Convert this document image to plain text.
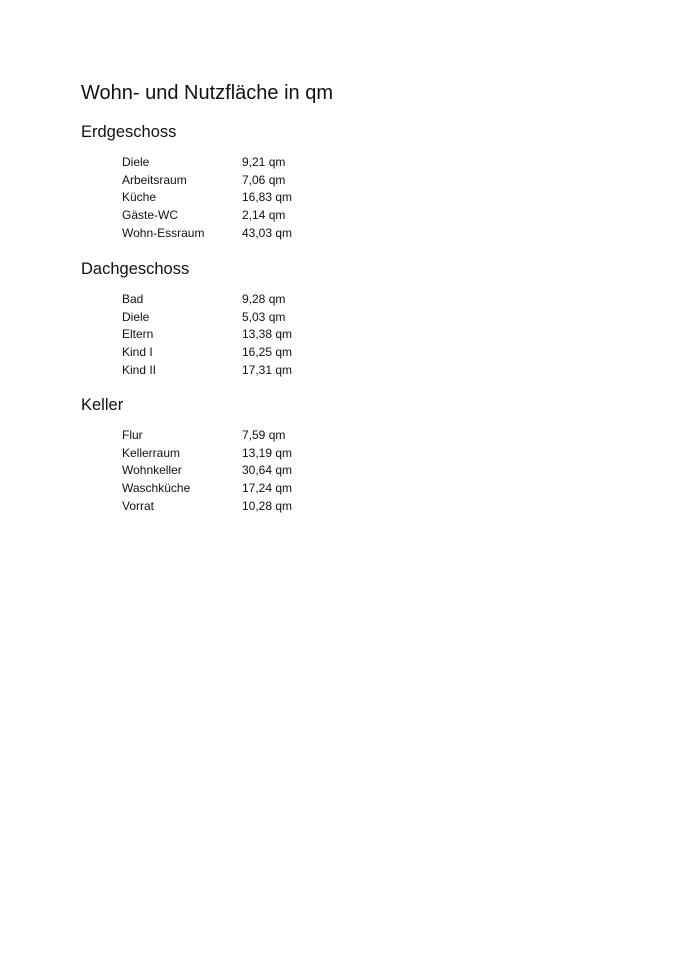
Wohn- und Nutzfläche in qm
Erdgeschoss
Diele	9,21 qm
Arbeitsraum	7,06 qm
Küche	16,83 qm
Gäste-WC	2,14 qm
Wohn-Essraum	43,03 qm
Dachgeschoss
Bad	9,28 qm
Diele	5,03 qm
Eltern	13,38 qm
Kind I	16,25 qm
Kind II	17,31 qm
Keller
Flur	7,59 qm
Kellerraum	13,19 qm
Wohnkeller	30,64 qm
Waschküche	17,24 qm
Vorrat	10,28 qm
